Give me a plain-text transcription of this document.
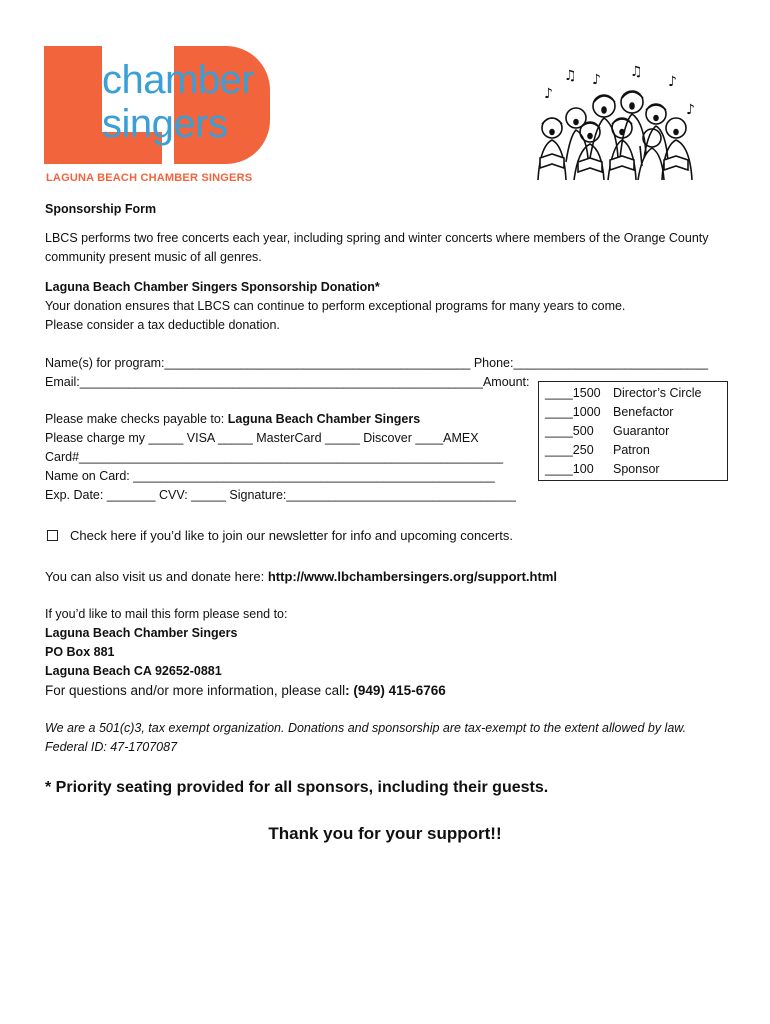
chamber
singers
LAGUNA BEACH CHAMBER SINGERS
♫ ♪ ♫
♪
♪
♪
Sponsorship Form
LBCS performs two free concerts each year, including spring and winter concerts where members of the Orange County
community present music of all genres.
Laguna Beach Chamber Singers Sponsorship Donation*
Your donation ensures that LBCS can continue to perform exceptional programs for many years to come.
Please consider a tax deductible donation.
Name(s) for program:____________________________________________ Phone:____________________________
Email:__________________________________________________________Amount:
Please make checks payable to: Laguna Beach Chamber Singers
Please charge my _____ VISA _____ MasterCard _____ Discover ____AMEX
Card#_____________________________________________________________
Name on Card: ____________________________________________________
Exp. Date: _______ CVV: _____ Signature:_________________________________
____1500 Director’s Circle
____1000 Benefactor
____500 Guarantor
____250 Patron
____100 Sponsor
Check here if you’d like to join our newsletter for info and upcoming concerts.
You can also visit us and donate here: http://www.lbchambersingers.org/support.html
If you’d like to mail this form please send to:
Laguna Beach Chamber Singers
PO Box 881
Laguna Beach CA 92652-0881
For questions and/or more information, please call: (949) 415-6766
We are a 501(c)3, tax exempt organization. Donations and sponsorship are tax-exempt to the extent allowed by law.
Federal ID: 47-1707087
* Priority seating provided for all sponsors, including their guests.
Thank you for your support!!
